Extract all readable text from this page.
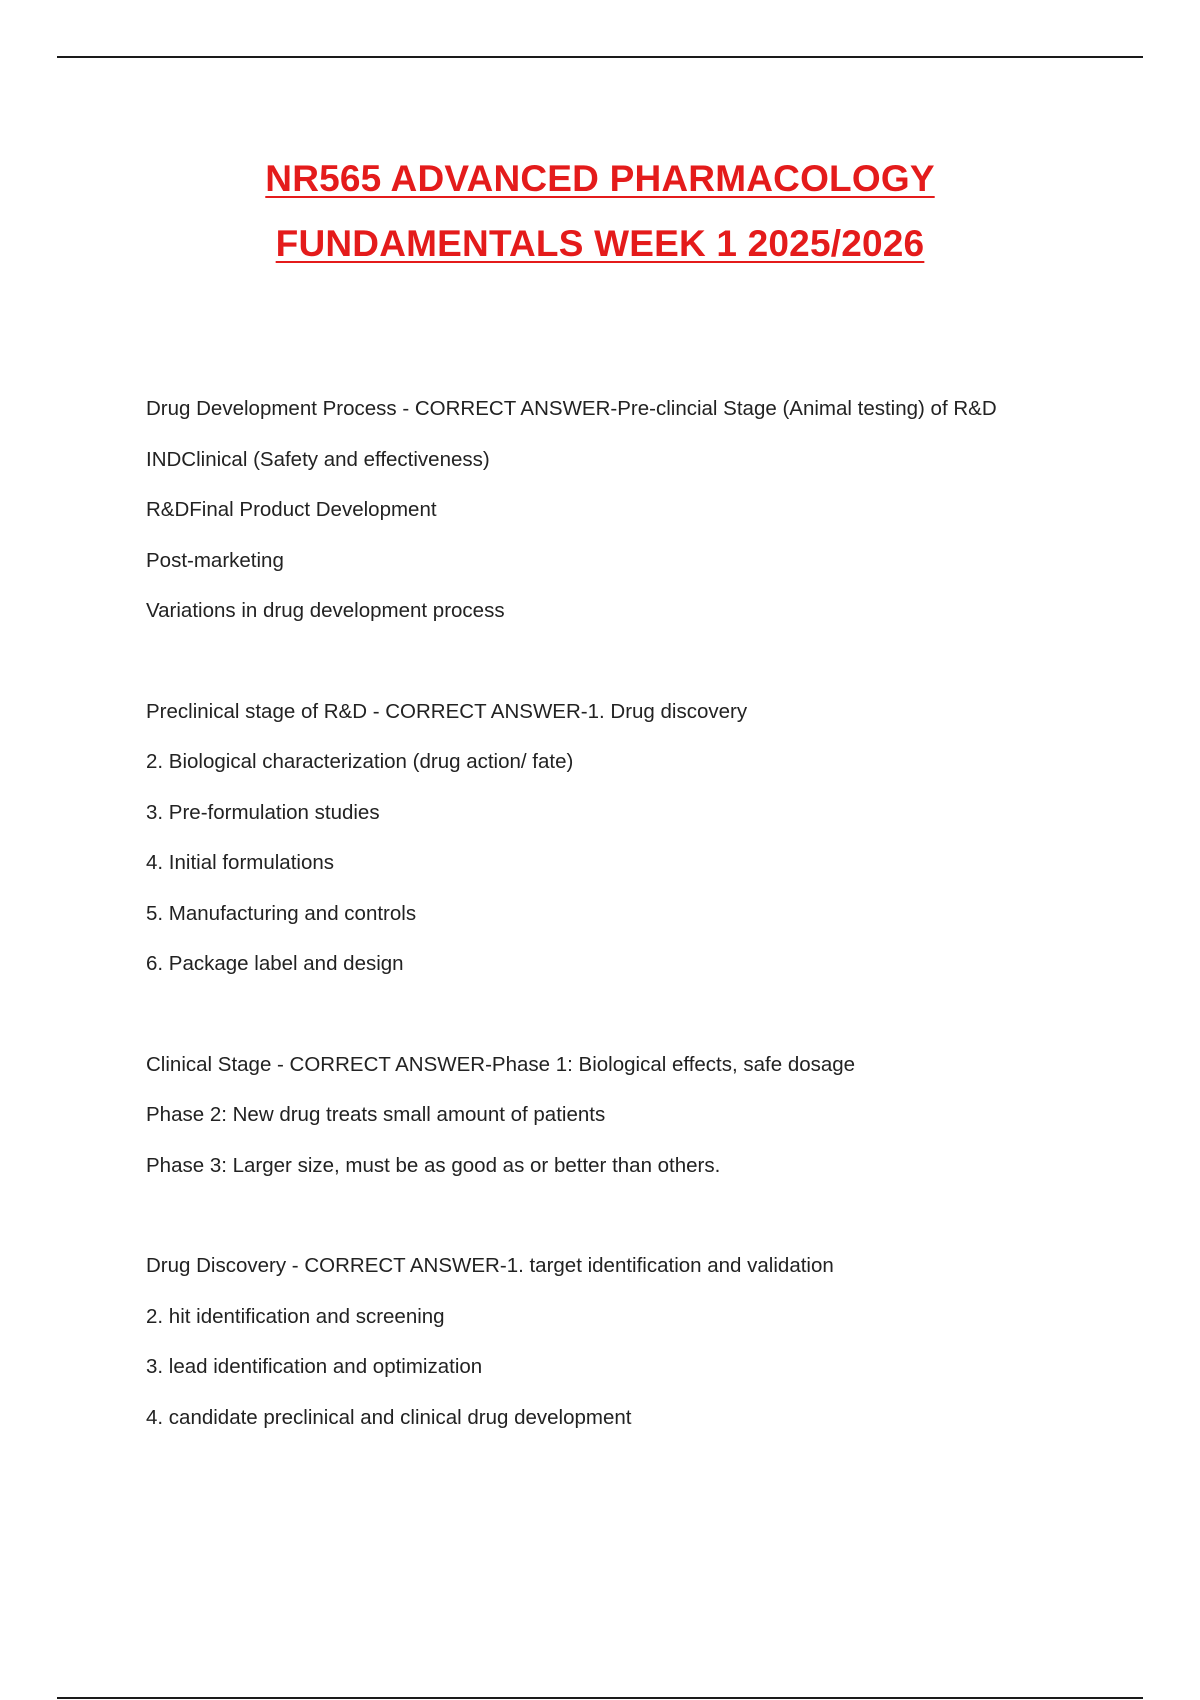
NR565 ADVANCED PHARMACOLOGY
FUNDAMENTALS WEEK 1 2025/2026
Drug Development Process - CORRECT ANSWER-Pre-clincial Stage (Animal testing) of R&D
INDClinical (Safety and effectiveness)
R&DFinal Product Development
Post-marketing
Variations in drug development process
Preclinical stage of R&D - CORRECT ANSWER-1. Drug discovery
2. Biological characterization (drug action/ fate)
3. Pre-formulation studies
4. Initial formulations
5. Manufacturing and controls
6. Package label and design
Clinical Stage - CORRECT ANSWER-Phase 1: Biological effects, safe dosage
Phase 2: New drug treats small amount of patients
Phase 3: Larger size, must be as good as or better than others.
Drug Discovery - CORRECT ANSWER-1. target identification and validation
2. hit identification and screening
3. lead identification and optimization
4. candidate preclinical and clinical drug development
